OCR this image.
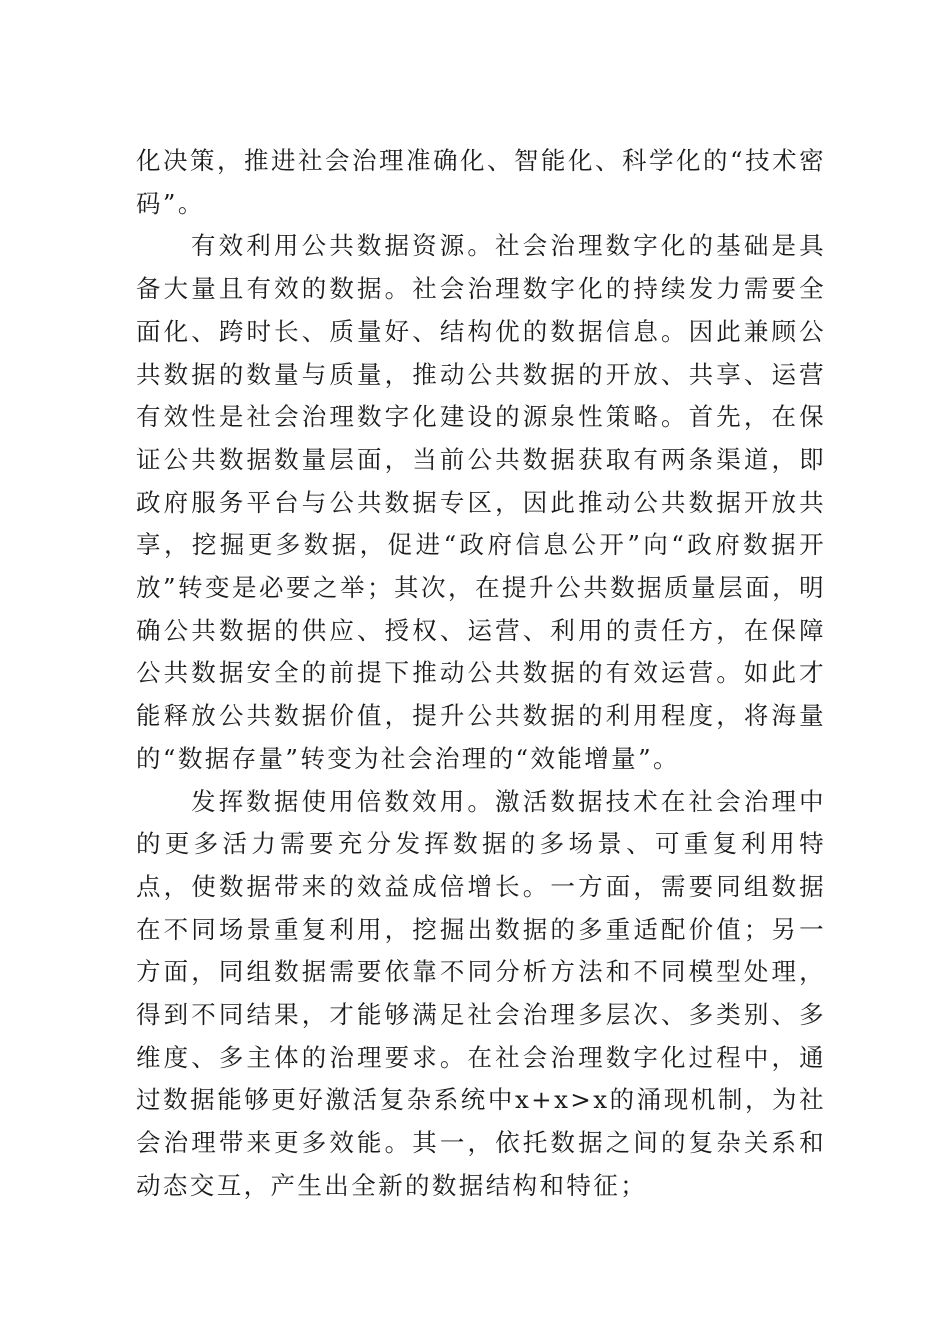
化决策，推进社会治理准确化、智能化、科学化的“技术密码”。

有效利用公共数据资源。社会治理数字化的基础是具备大量且有效的数据。社会治理数字化的持续发力需要全面化、跨时长、质量好、结构优的数据信息。因此兼顾公共数据的数量与质量，推动公共数据的开放、共享、运营有效性是社会治理数字化建设的源泉性策略。首先，在保证公共数据数量层面，当前公共数据获取有两条渠道，即政府服务平台与公共数据专区，因此推动公共数据开放共享，挖掘更多数据，促进“政府信息公开”向“政府数据开放”转变是必要之举；其次，在提升公共数据质量层面，明确公共数据的供应、授权、运营、利用的责任方，在保障公共数据安全的前提下推动公共数据的有效运营。如此才能释放公共数据价值，提升公共数据的利用程度，将海量的“数据存量”转变为社会治理的“效能增量”。

发挥数据使用倍数效用。激活数据技术在社会治理中的更多活力需要充分发挥数据的多场景、可重复利用特点，使数据带来的效益成倍增长。一方面，需要同组数据在不同场景重复利用，挖掘出数据的多重适配价值；另一方面，同组数据需要依靠不同分析方法和不同模型处理，得到不同结果，才能够满足社会治理多层次、多类别、多维度、多主体的治理要求。在社会治理数字化过程中，通过数据能够更好激活复杂系统中x+x>x的涌现机制，为社会治理带来更多效能。其一，依托数据之间的复杂关系和动态交互，产生出全新的数据结构和特征；
